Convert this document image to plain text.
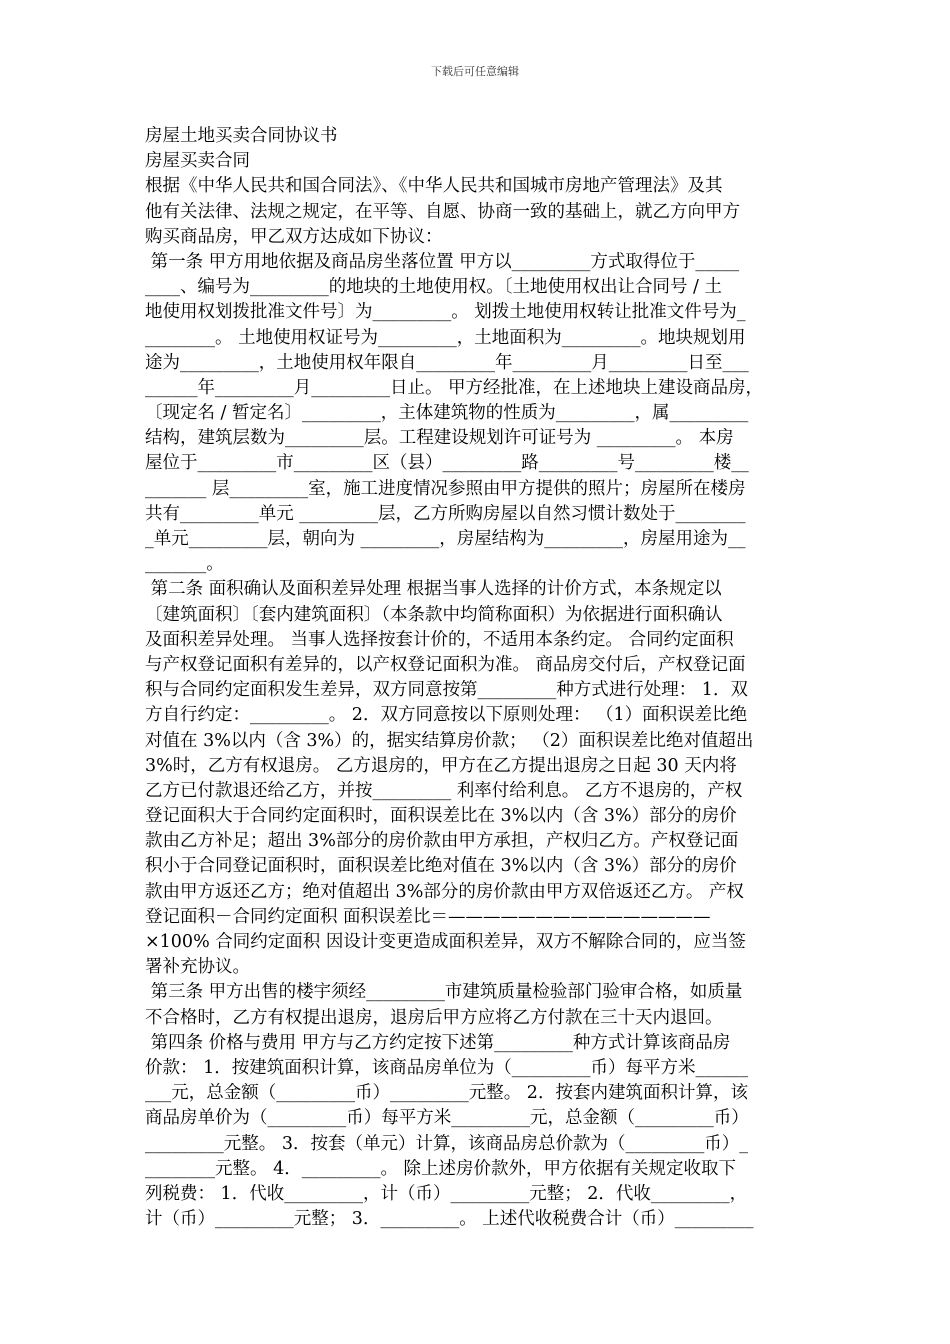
下载后可任意编辑
房屋土地买卖合同协议书
房屋买卖合同
根据《中华人民共和国合同法》、《中华人民共和国城市房地产管理法》及其
他有关法律、法规之规定，在平等、自愿、协商一致的基础上，就乙方向甲方
购买商品房，甲乙双方达成如下协议：
第一条 甲方用地依据及商品房坐落位置 甲方以_________方式取得位于_____
____、编号为_________的地块的土地使用权。〔土地使用权出让合同号 / 土
地使用权划拨批准文件号〕为_________。 划拨土地使用权转让批准文件号为_
________。 土地使用权证号为_________，土地面积为_________。地块规划用
途为_________，土地使用权年限自_________年_________月_________日至___
______年_________月_________日止。 甲方经批准，在上述地块上建设商品房，
〔现定名 / 暂定名〕_________，主体建筑物的性质为_________，属_________
结构，建筑层数为_________层。工程建设规划许可证号为 _________。 本房
屋位于_________市_________区（县）_________路_________号_________楼__
_______ 层_________室，施工进度情况参照由甲方提供的照片；房屋所在楼房
共有_________单元 _________层，乙方所购房屋以自然习惯计数处于________
_单元_________层，朝向为 _________，房屋结构为_________，房屋用途为__
_______。
第二条 面积确认及面积差异处理 根据当事人选择的计价方式，本条规定以
〔建筑面积〕〔套内建筑面积〕（本条款中均简称面积）为依据进行面积确认
及面积差异处理。 当事人选择按套计价的，不适用本条约定。 合同约定面积
与产权登记面积有差异的，以产权登记面积为准。 商品房交付后，产权登记面
积与合同约定面积发生差异，双方同意按第_________种方式进行处理： 1．双
方自行约定：_________。 2．双方同意按以下原则处理： （1）面积误差比绝
对值在 3%以内（含 3%）的，据实结算房价款； （2）面积误差比绝对值超出
3%时，乙方有权退房。 乙方退房的，甲方在乙方提出退房之日起 30 天内将
乙方已付款退还给乙方，并按_________ 利率付给利息。 乙方不退房的，产权
登记面积大于合同约定面积时，面积误差比在 3%以内（含 3%）部分的房价
款由乙方补足；超出 3%部分的房价款由甲方承担，产权归乙方。产权登记面
积小于合同登记面积时，面积误差比绝对值在 3%以内（含 3%）部分的房价
款由甲方返还乙方；绝对值超出 3%部分的房价款由甲方双倍返还乙方。 产权
登记面积－合同约定面积 面积误差比＝———————————————
×100% 合同约定面积 因设计变更造成面积差异，双方不解除合同的，应当签
署补充协议。
第三条 甲方出售的楼宇须经_________市建筑质量检验部门验审合格，如质量
不合格时，乙方有权提出退房，退房后甲方应将乙方付款在三十天内退回。
第四条 价格与费用 甲方与乙方约定按下述第_________种方式计算该商品房
价款： 1．按建筑面积计算，该商品房单位为（_________币）每平方米______
___元，总金额（_________币）_________元整。 2．按套内建筑面积计算，该
商品房单价为（_________币）每平方米_________元，总金额（_________币）
_________元整。 3．按套（单元）计算，该商品房总价款为（_________币）_
________元整。 4．_________。 除上述房价款外，甲方依据有关规定收取下
列税费： 1．代收_________，计（币）_________元整； 2．代收_________，
计（币）_________元整； 3．_________。 上述代收税费合计（币）_________
